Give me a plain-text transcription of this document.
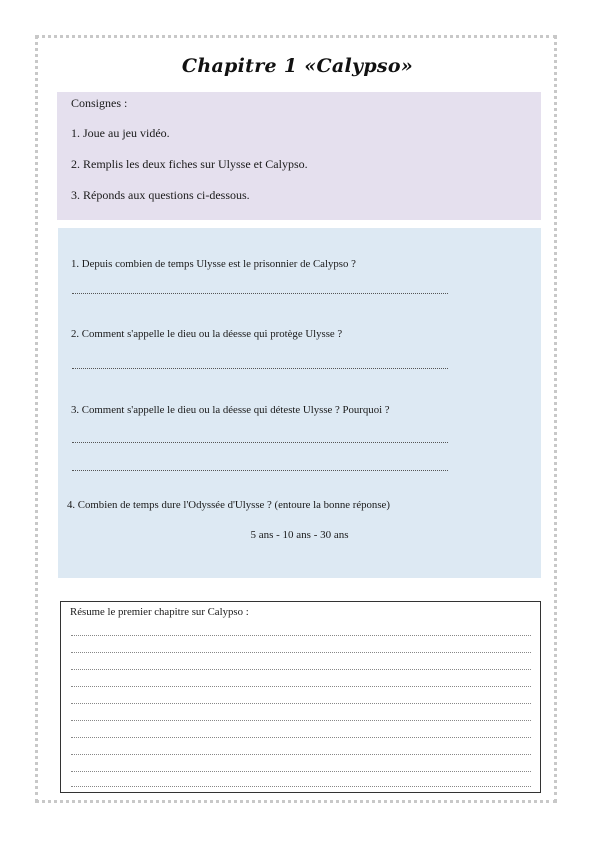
Chapitre 1 «Calypso»

Consignes :

1. Joue au jeu vidéo.

2. Remplis les deux fiches sur Ulysse et Calypso.

3. Réponds aux questions ci-dessous.

1. Depuis combien de temps Ulysse est le prisonnier de Calypso ?
2. Comment s'appelle le dieu ou la déesse qui protège Ulysse ?
3. Comment s'appelle le dieu ou la déesse qui déteste Ulysse ? Pourquoi ?
4. Combien de temps dure l'Odyssée d'Ulysse ? (entoure la bonne réponse)
5 ans - 10 ans - 30 ans
Résume le premier chapitre sur Calypso :
